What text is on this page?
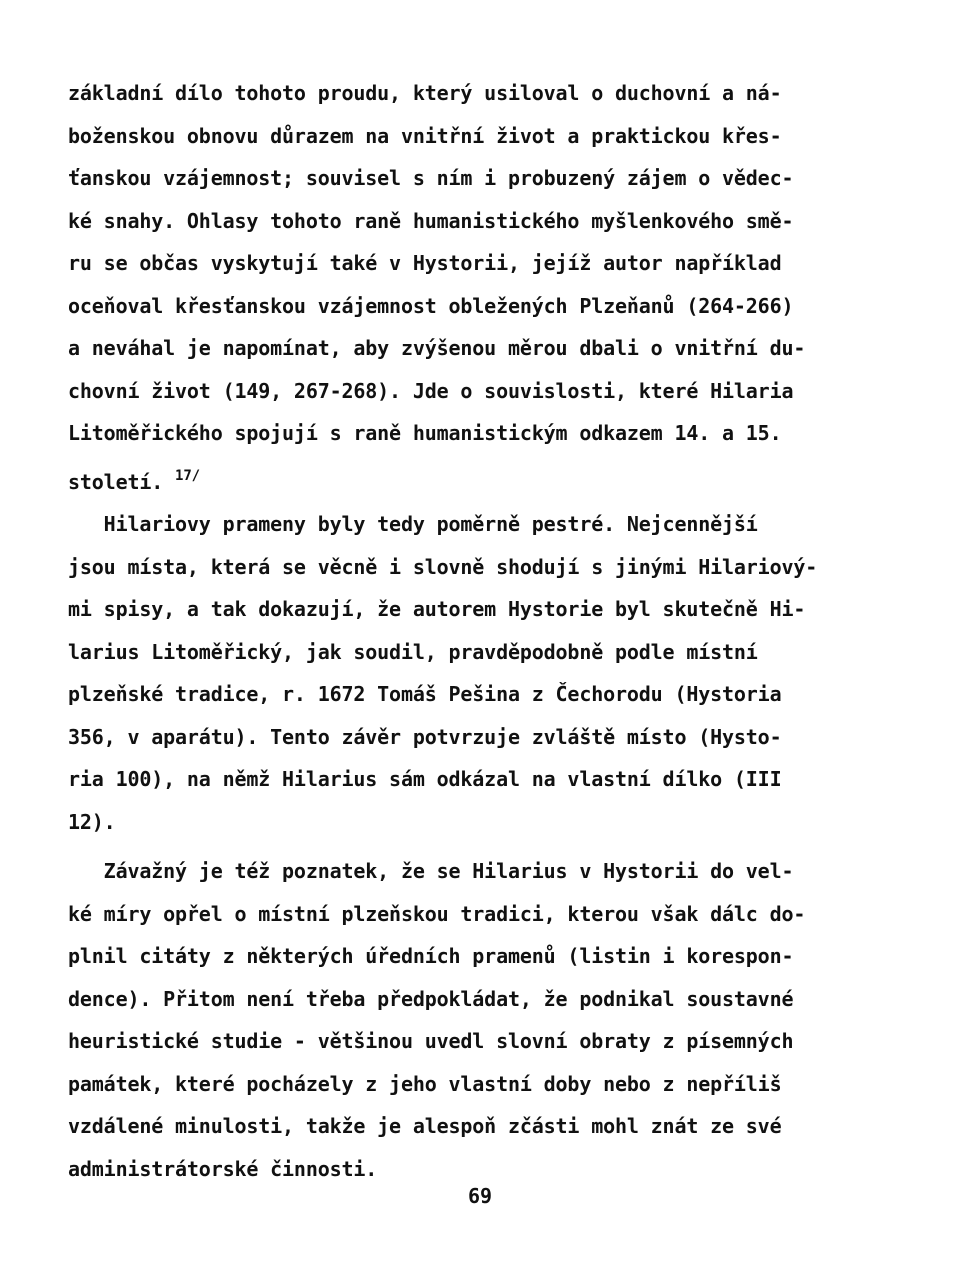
základní dílo tohoto proudu, který usiloval o duchovní a ná-
boženskou obnovu důrazem na vnitřní život a praktickou křes-
ťanskou vzájemnost; souvisel s ním i probuzený zájem o vědec-
ké snahy. Ohlasy tohoto raně humanistického myšlenkového smě-
ru se občas vyskytují také v Hystorii, jejíž autor například
oceňoval křesťanskou vzájemnost obležených Plzeňanů (264-266)
a neváhal je napomínat, aby zvýšenou měrou dbali o vnitřní du-
chovní život (149, 267-268). Jde o souvislosti, které Hilaria
Litoměřického spojují s raně humanistickým odkazem 14. a 15.
století. $^{17/}$
Hilariovy prameny byly tedy poměrně pestré. Nejcennější
jsou místa, která se věcně i slovně shodují s jinými Hilariový-
mi spisy, a tak dokazují, že autorem Hystorie byl skutečně Hi-
larius Litoměřický, jak soudil, pravděpodobně podle místní
plzeňské tradice, r. 1672 Tomáš Pešina z Čechorodu (Hystoria
356, v aparátu). Tento závěr potvrzuje zvláště místo (Hysto-
ria 100), na němž Hilarius sám odkázal na vlastní dílko (III
12).
Závažný je též poznatek, že se Hilarius v Hystorii do vel-
ké míry opřel o místní plzeňskou tradici, kterou však dálc do-
plnil citáty z některých úředních pramenů (listin i korespon-
dence). Přitom není třeba předpokládat, že podnikal soustavné
heuristické studie - většinou uvedl slovní obraty z písemných
památek, které pocházely z jeho vlastní doby nebo z nepříliš
vzdálené minulosti, takže je alespoň zčásti mohl znát ze své
administrátorské činnosti.
69
